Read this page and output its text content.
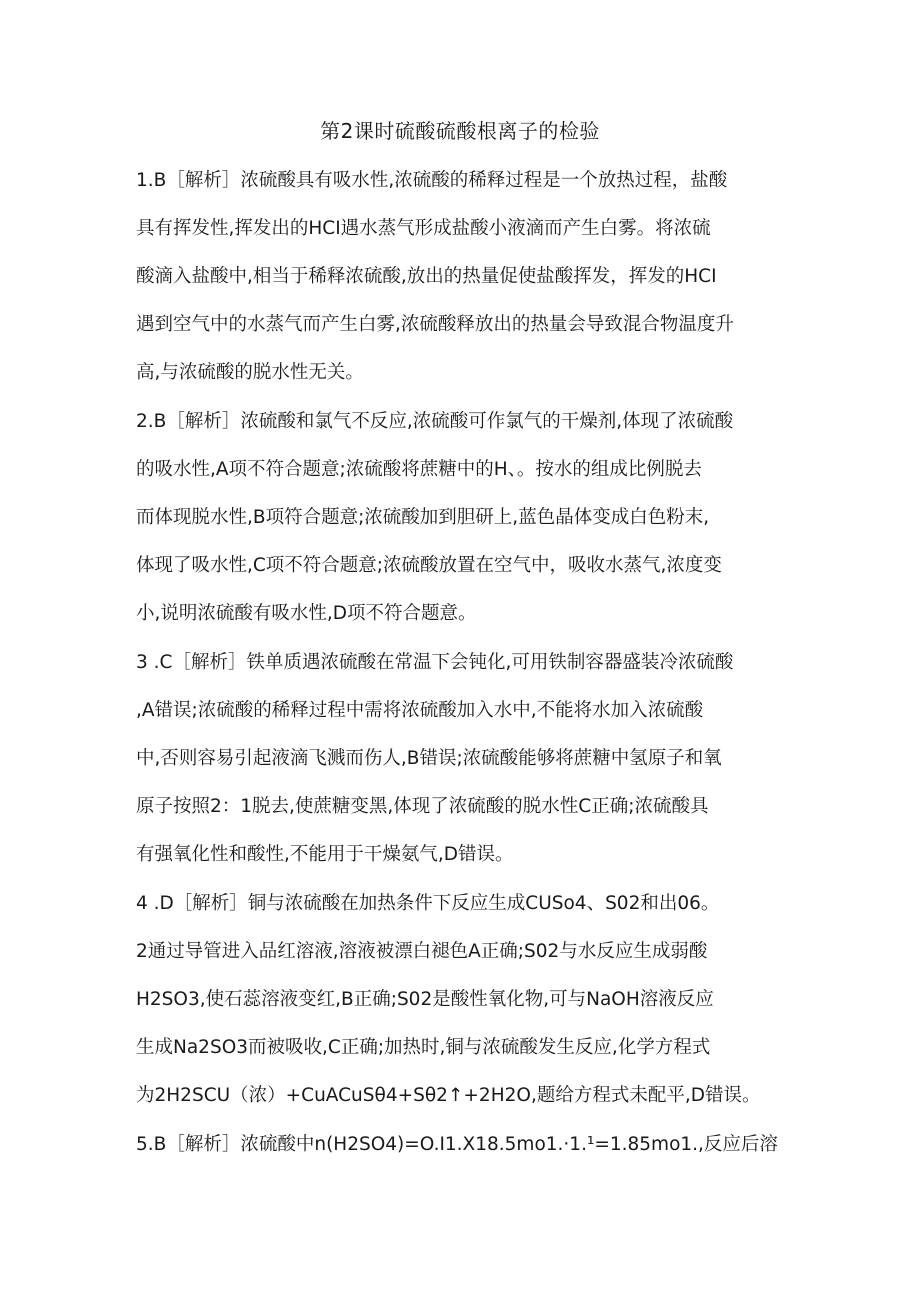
第2课时硫酸硫酸根离子的检验
1.B［解析］浓硫酸具有吸水性,浓硫酸的稀释过程是一个放热过程，盐酸
具有挥发性,挥发出的HCI遇水蒸气形成盐酸小液滴而产生白雾。将浓硫
酸滴入盐酸中,相当于稀释浓硫酸,放出的热量促使盐酸挥发，挥发的HCI
遇到空气中的水蒸气而产生白雾,浓硫酸释放出的热量会导致混合物温度升
高,与浓硫酸的脱水性无关。
2.B［解析］浓硫酸和氯气不反应,浓硫酸可作氯气的干燥剂,体现了浓硫酸
的吸水性,A项不符合题意;浓硫酸将蔗糖中的H、。按水的组成比例脱去
而体现脱水性,B项符合题意;浓硫酸加到胆研上,蓝色晶体变成白色粉末,
体现了吸水性,C项不符合题意;浓硫酸放置在空气中，吸收水蒸气,浓度变
小,说明浓硫酸有吸水性,D项不符合题意。
3 .C［解析］铁单质遇浓硫酸在常温下会钝化,可用铁制容器盛装冷浓硫酸
,A错误;浓硫酸的稀释过程中需将浓硫酸加入水中,不能将水加入浓硫酸
中,否则容易引起液滴飞溅而伤人,B错误;浓硫酸能够将蔗糖中氢原子和氧
原子按照2：1脱去,使蔗糖变黑,体现了浓硫酸的脱水性C正确;浓硫酸具
有强氧化性和酸性,不能用于干燥氨气,D错误。
4 .D［解析］铜与浓硫酸在加热条件下反应生成CUSo4、S02和出06。
2通过导管进入品红溶液,溶液被漂白褪色A正确;S02与水反应生成弱酸
H2SO3,使石蕊溶液变红,B正确;S02是酸性氧化物,可与NaOH溶液反应
生成Na2SO3而被吸收,C正确;加热时,铜与浓硫酸发生反应,化学方程式
为2H2SCU（浓）+CuACuSθ4+Sθ2↑+2H2O,题给方程式未配平,D错误。
5.B［解析］浓硫酸中n(H2SO4)=O.I1.X18.5mo1.·1.¹=1.85mo1.,反应后溶
